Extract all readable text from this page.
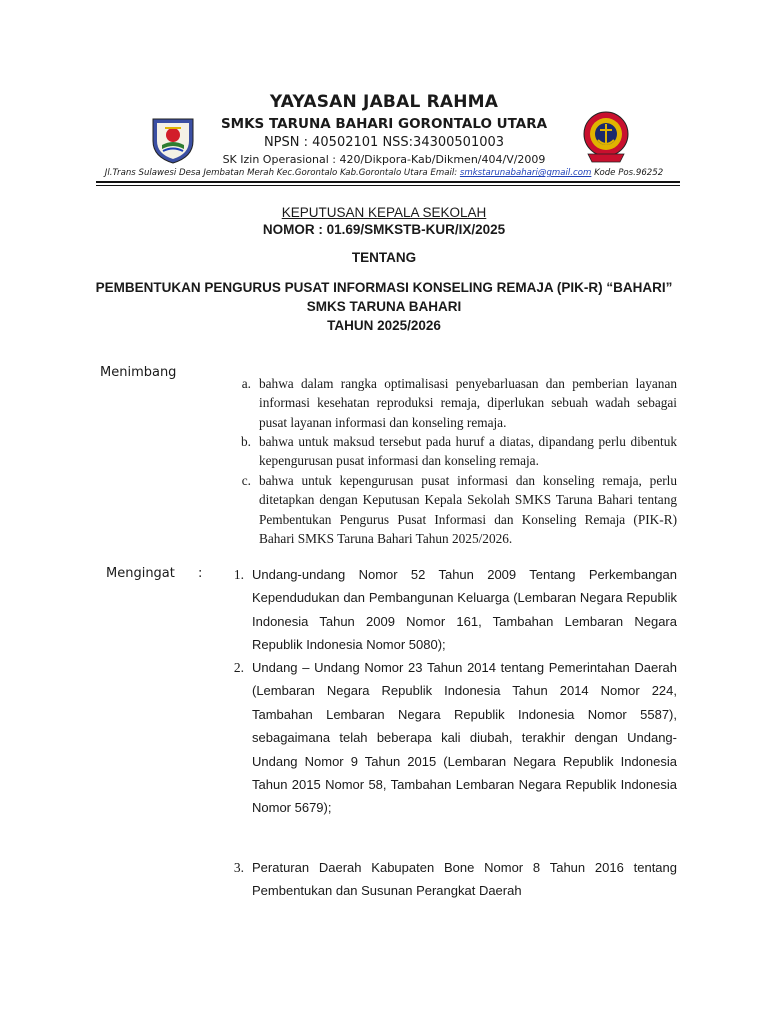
YAYASAN JABAL RAHMA
SMKS TARUNA BAHARI GORONTALO UTARA
NPSN : 40502101 NSS:34300501003
SK Izin Operasional : 420/Dikpora-Kab/Dikmen/404/V/2009
Jl.Trans Sulawesi Desa Jembatan Merah Kec.Gorontalo Kab.Gorontalo Utara Email: smkstarunabahari@gmail.com Kode Pos.96252
KEPUTUSAN KEPALA SEKOLAH
NOMOR : 01.69/SMKSTB-KUR/IX/2025
TENTANG
PEMBENTUKAN PENGURUS PUSAT INFORMASI KONSELING REMAJA (PIK-R) “BAHARI”
SMKS TARUNA BAHARI
TAHUN 2025/2026
Menimbang
a. bahwa dalam rangka optimalisasi penyebarluasan dan pemberian layanan informasi kesehatan reproduksi remaja, diperlukan sebuah wadah sebagai pusat layanan informasi dan konseling remaja.
b. bahwa untuk maksud tersebut pada huruf a diatas, dipandang perlu dibentuk kepengurusan pusat informasi dan konseling remaja.
c. bahwa untuk kepengurusan pusat informasi dan konseling remaja, perlu ditetapkan dengan Keputusan Kepala Sekolah SMKS Taruna Bahari tentang Pembentukan Pengurus Pusat Informasi dan Konseling Remaja (PIK-R) Bahari SMKS Taruna Bahari Tahun 2025/2026.
Mengingat : 1. Undang-undang Nomor 52 Tahun 2009 Tentang Perkembangan Kependudukan dan Pembangunan Keluarga (Lembaran Negara Republik Indonesia Tahun 2009 Nomor 161, Tambahan Lembaran Negara Republik Indonesia Nomor 5080);
2. Undang – Undang Nomor 23 Tahun 2014 tentang Pemerintahan Daerah (Lembaran Negara Republik Indonesia Tahun 2014 Nomor 224, Tambahan Lembaran Negara Republik Indonesia Nomor 5587), sebagaimana telah beberapa kali diubah, terakhir dengan Undang-Undang Nomor 9 Tahun 2015 (Lembaran Negara Republik Indonesia Tahun 2015 Nomor 58, Tambahan Lembaran Negara Republik Indonesia Nomor 5679);
3. Peraturan Daerah Kabupaten Bone Nomor 8 Tahun 2016 tentang Pembentukan dan Susunan Perangkat Daerah
